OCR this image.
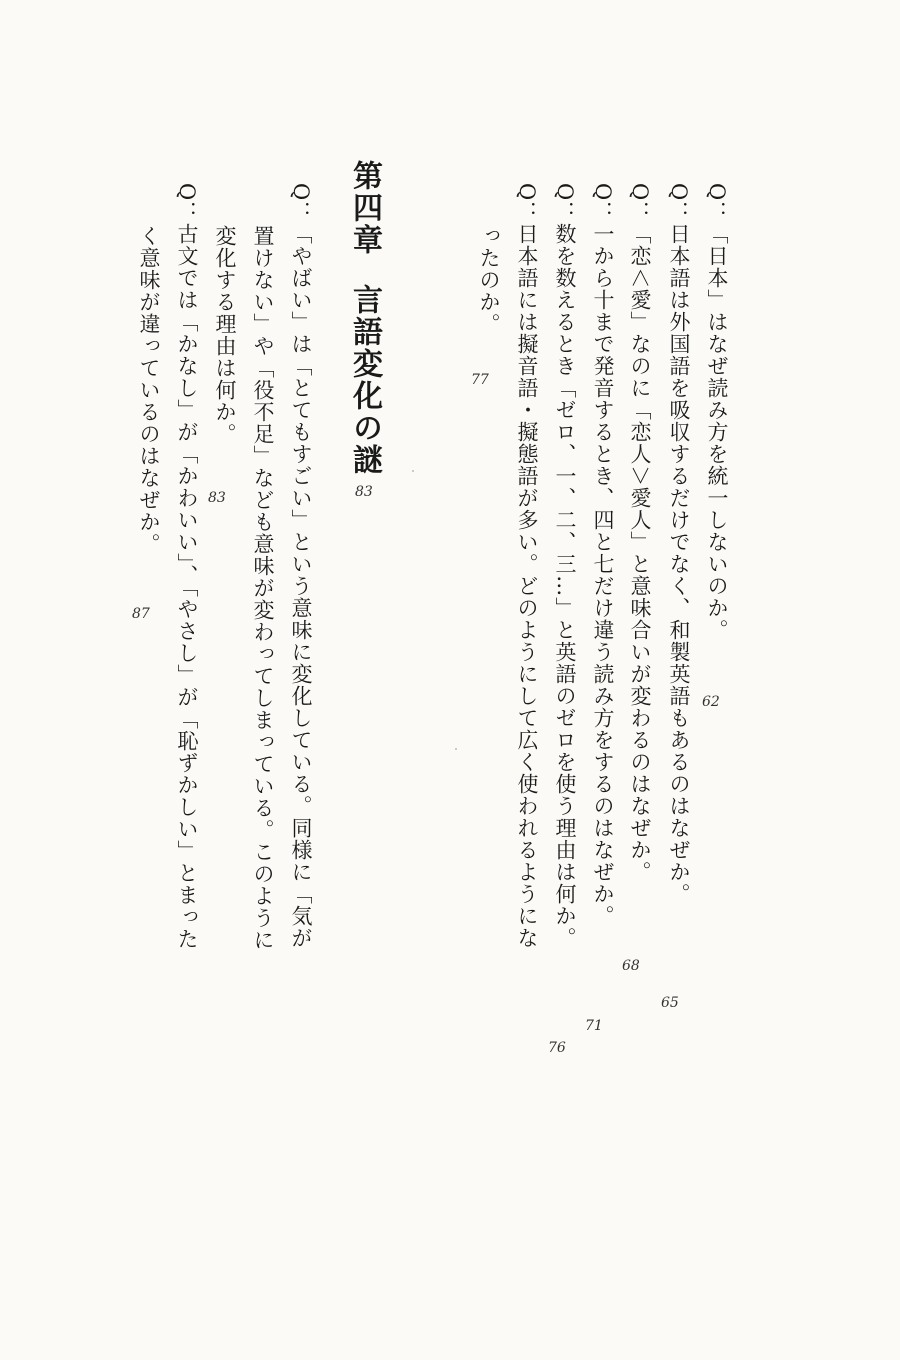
Q：「日本」はなぜ読み方を統一しないのか。
62
Q：日本語は外国語を吸収するだけでなく、和製英語もあるのはなぜか。
65
Q：「恋＜愛」なのに「恋人＞愛人」と意味合いが変わるのはなぜか。
68
Q：一から十まで発音するとき、四と七だけ違う読み方をするのはなぜか。
71
Q：数を数えるとき「ゼロ、一、二、三…」と英語のゼロを使う理由は何か。
76
Q：日本語には擬音語・擬態語が多い。どのようにして広く使われるようにな
ったのか。
77
第四章言語変化の謎
83
Q：「やばい」は「とてもすごい」という意味に変化している。同様に「気が
置けない」や「役不足」なども意味が変わってしまっている。このように
変化する理由は何か。
83
Q：古文では「かなし」が「かわいい」、「やさし」が「恥ずかしい」とまった
く意味が違っているのはなぜか。
87
